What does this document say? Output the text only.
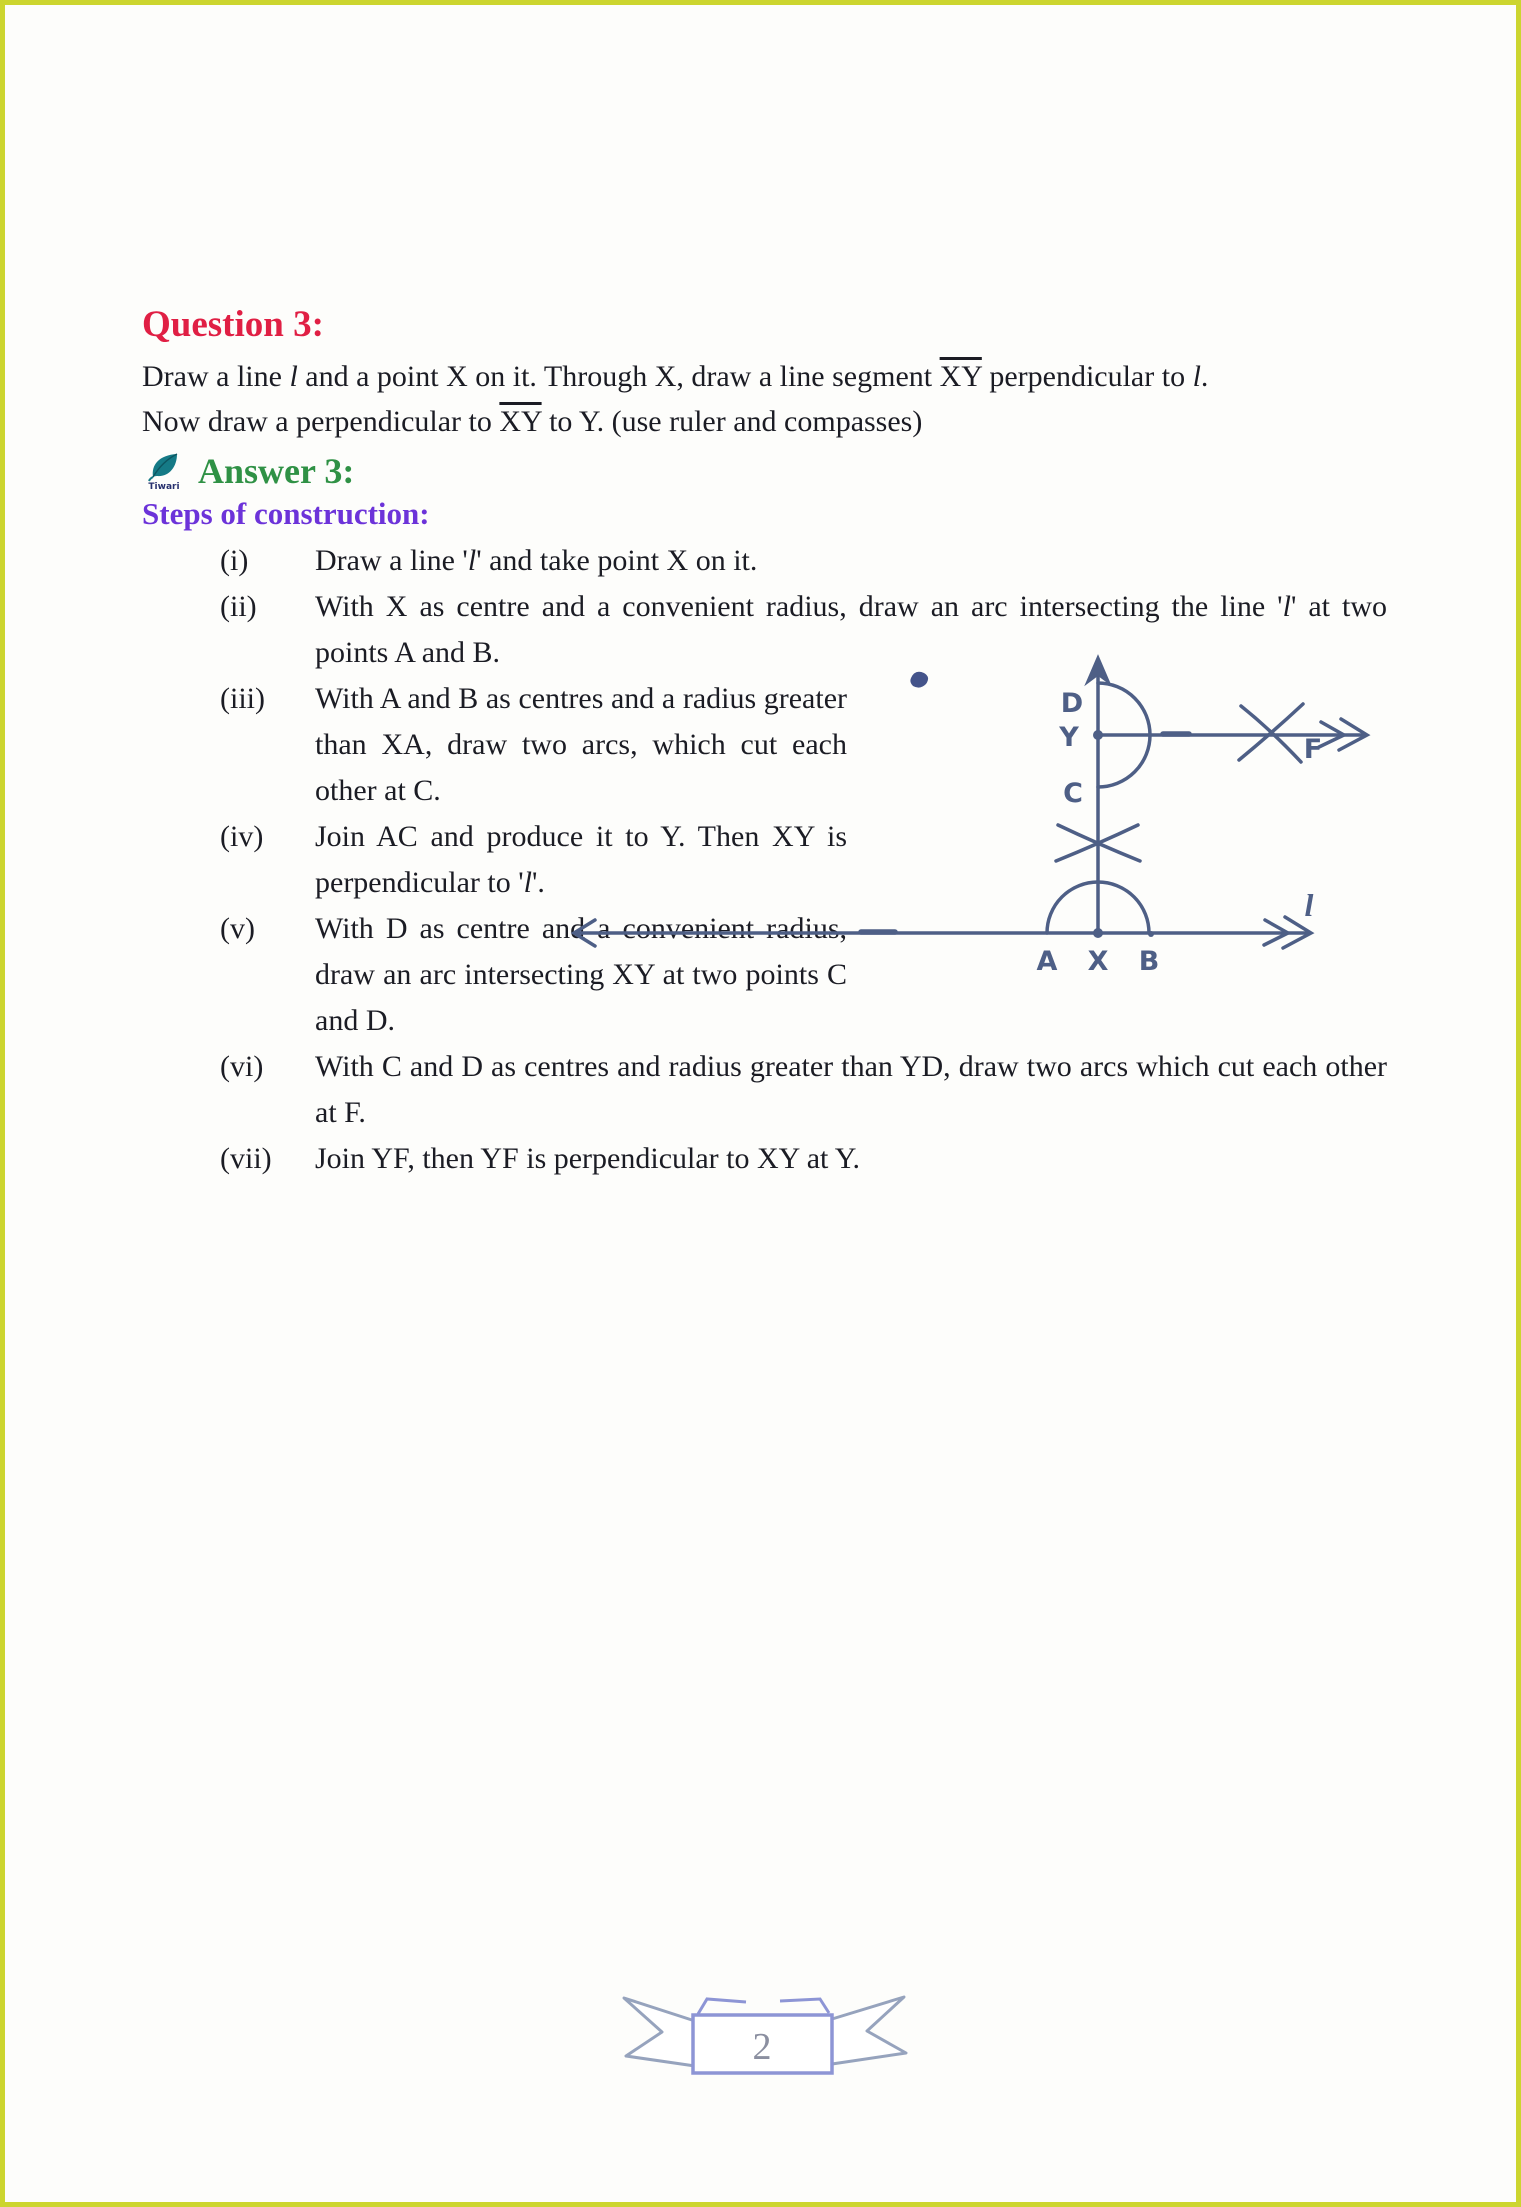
Question 3:

Draw a line l and a point X on it. Through X, draw a line segment $\overline{XY}$ perpendicular to l.

Now draw a perpendicular to $\overline{XY}$ to Y. (use ruler and compasses)

Tiwari Answer 3:
Steps of construction:
(i)	Draw a line 'l' and take point X on it.
(ii)	With X as centre and a convenient radius, draw an arc intersecting the line 'l' at two points A and B.
(iii)	With A and B as centres and a radius greater than XA, draw two arcs, which cut each other at C.
(iv)	Join AC and produce it to Y. Then XY is perpendicular to 'l'.
(v)	With D as centre and a convenient radius, draw an arc intersecting XY at two points C and D.
(vi)	With C and D as centres and radius greater than YD, draw two arcs which cut each other at F.
(vii)	Join YF, then YF is perpendicular to XY at Y.
D
Y
C
A X B
F
l
2
